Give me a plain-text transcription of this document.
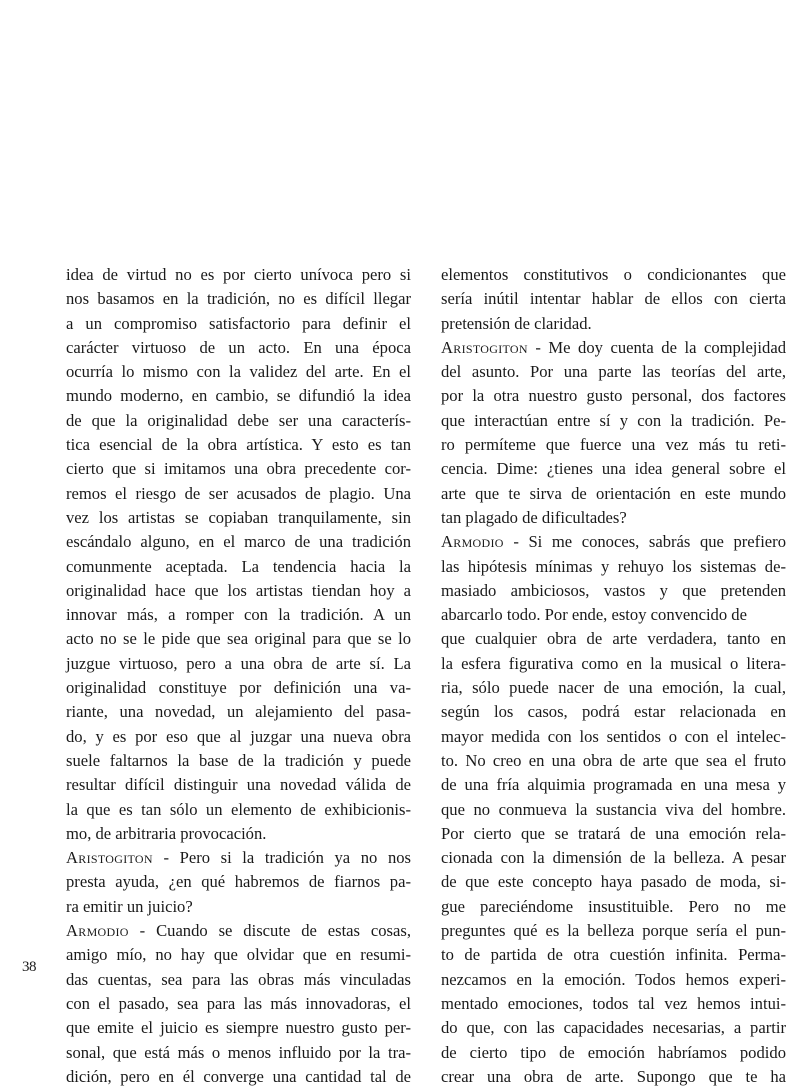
idea de virtud no es por cierto unívoca pero si
nos basamos en la tradición, no es difícil llegar
a un compromiso satisfactorio para definir el
carácter virtuoso de un acto. En una época
ocurría lo mismo con la validez del arte. En el
mundo moderno, en cambio, se difundió la idea
de que la originalidad debe ser una caracterís-
tica esencial de la obra artística. Y esto es tan
cierto que si imitamos una obra precedente cor-
remos el riesgo de ser acusados de plagio. Una
vez los artistas se copiaban tranquilamente, sin
escándalo alguno, en el marco de una tradición
comunmente aceptada. La tendencia hacia la
originalidad hace que los artistas tiendan hoy a
innovar más, a romper con la tradición. A un
acto no se le pide que sea original para que se lo
juzgue virtuoso, pero a una obra de arte sí. La
originalidad constituye por definición una va-
riante, una novedad, un alejamiento del pasa-
do, y es por eso que al juzgar una nueva obra
suele faltarnos la base de la tradición y puede
resultar difícil distinguir una novedad válida de
la que es tan sólo un elemento de exhibicionis-
mo, de arbitraria provocación.
Aristogiton - Pero si la tradición ya no nos
presta ayuda, ¿en qué habremos de fiarnos pa-
ra emitir un juicio?
Armodio - Cuando se discute de estas cosas,
amigo mío, no hay que olvidar que en resumi-
das cuentas, sea para las obras más vinculadas
con el pasado, sea para las más innovadoras, el
que emite el juicio es siempre nuestro gusto per-
sonal, que está más o menos influido por la tra-
dición, pero en él converge una cantidad tal de
elementos constitutivos o condicionantes que
sería inútil intentar hablar de ellos con cierta
pretensión de claridad.
Aristogiton - Me doy cuenta de la complejidad
del asunto. Por una parte las teorías del arte,
por la otra nuestro gusto personal, dos factores
que interactúan entre sí y con la tradición. Pe-
ro permíteme que fuerce una vez más tu reti-
cencia. Dime: ¿tienes una idea general sobre el
arte que te sirva de orientación en este mundo
tan plagado de dificultades?
Armodio - Si me conoces, sabrás que prefiero
las hipótesis mínimas y rehuyo los sistemas de-
masiado ambiciosos, vastos y que pretenden
abarcarlo todo. Por ende, estoy convencido de
que cualquier obra de arte verdadera, tanto en
la esfera figurativa como en la musical o litera-
ria, sólo puede nacer de una emoción, la cual,
según los casos, podrá estar relacionada en
mayor medida con los sentidos o con el intelec-
to. No creo en una obra de arte que sea el fruto
de una fría alquimia programada en una mesa y
que no conmueva la sustancia viva del hombre.
Por cierto que se tratará de una emoción rela-
cionada con la dimensión de la belleza. A pesar
de que este concepto haya pasado de moda, si-
gue pareciéndome insustituible. Pero no me
preguntes qué es la belleza porque sería el pun-
to de partida de otra cuestión infinita. Perma-
nezcamos en la emoción. Todos hemos experi-
mentado emociones, todos tal vez hemos intui-
do que, con las capacidades necesarias, a partir
de cierto tipo de emoción habríamos podido
crear una obra de arte. Supongo que te ha
38
